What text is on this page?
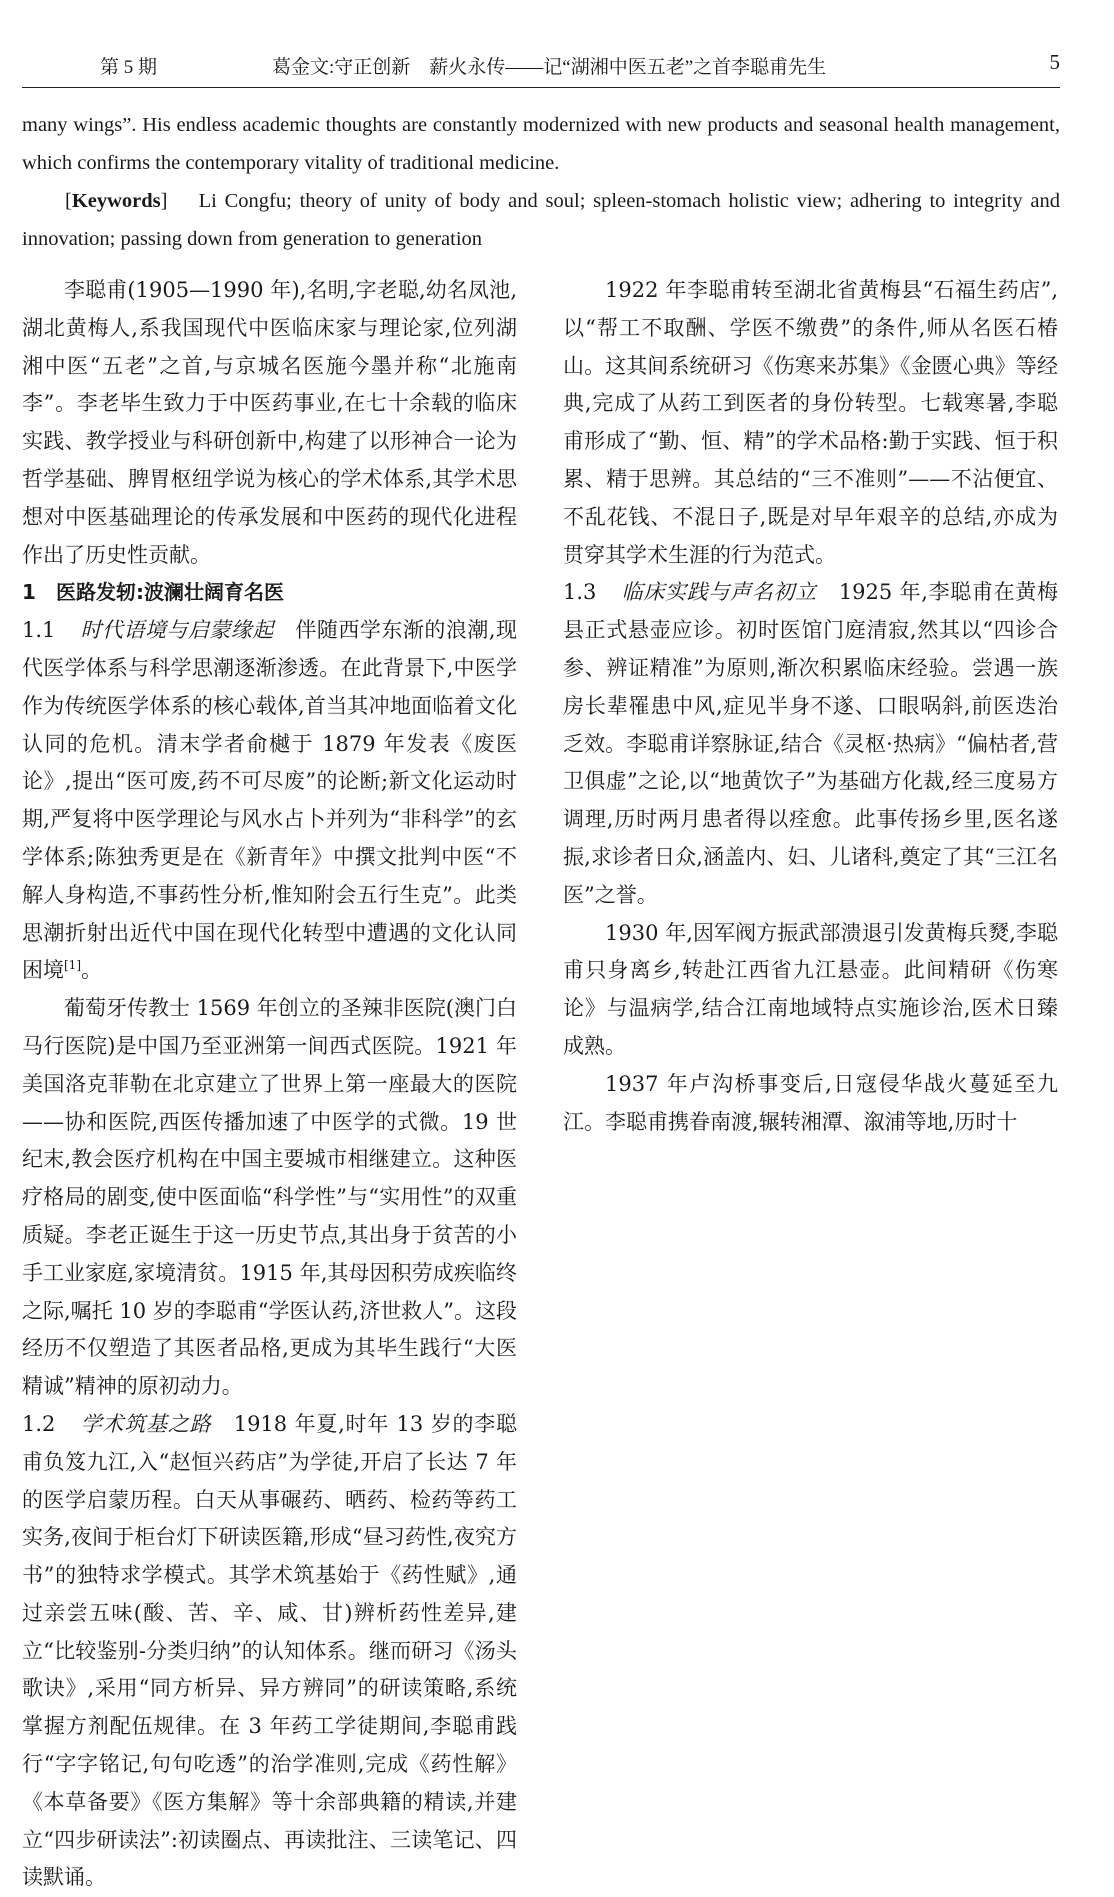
第 5 期	葛金文:守正创新　薪火永传——记“湖湘中医五老”之首李聪甫先生	5

many wings”. His endless academic thoughts are constantly modernized with new products and seasonal health management, which confirms the contemporary vitality of traditional medicine.

[Keywords]    Li Congfu; theory of unity of body and soul; spleen-stomach holistic view; adhering to integrity and innovation; passing down from generation to generation

李聪甫(1905—1990 年),名明,字老聪,幼名凤池,湖北黄梅人,系我国现代中医临床家与理论家,位列湖湘中医“五老”之首,与京城名医施今墨并称“北施南李”。李老毕生致力于中医药事业,在七十余载的临床实践、教学授业与科研创新中,构建了以形神合一论为哲学基础、脾胃枢纽学说为核心的学术体系,其学术思想对中医基础理论的传承发展和中医药的现代化进程作出了历史性贡献。

1 医路发轫:波澜壮阔育名医

1.1 时代语境与启蒙缘起 伴随西学东渐的浪潮,现代医学体系与科学思潮逐渐渗透。在此背景下,中医学作为传统医学体系的核心载体,首当其冲地面临着文化认同的危机。清末学者俞樾于 1879 年发表《废医论》,提出“医可废,药不可尽废”的论断;新文化运动时期,严复将中医学理论与风水占卜并列为“非科学”的玄学体系;陈独秀更是在《新青年》中撰文批判中医“不解人身构造,不事药性分析,惟知附会五行生克”。此类思潮折射出近代中国在现代化转型中遭遇的文化认同困境[1]。

葡萄牙传教士 1569 年创立的圣辣非医院(澳门白马行医院)是中国乃至亚洲第一间西式医院。1921 年美国洛克菲勒在北京建立了世界上第一座最大的医院——协和医院,西医传播加速了中医学的式微。19 世纪末,教会医疗机构在中国主要城市相继建立。这种医疗格局的剧变,使中医面临“科学性”与“实用性”的双重质疑。李老正诞生于这一历史节点,其出身于贫苦的小手工业家庭,家境清贫。1915 年,其母因积劳成疾临终之际,嘱托 10 岁的李聪甫“学医认药,济世救人”。这段经历不仅塑造了其医者品格,更成为其毕生践行“大医精诚”精神的原初动力。

1.2 学术筑基之路 1918 年夏,时年 13 岁的李聪甫负笈九江,入“赵恒兴药店”为学徒,开启了长达 7 年的医学启蒙历程。白天从事碾药、晒药、检药等药工实务,夜间于柜台灯下研读医籍,形成“昼习药性,夜究方书”的独特求学模式。其学术筑基始于《药性赋》,通过亲尝五味(酸、苦、辛、咸、甘)辨析药性差异,建立“比较鉴别-分类归纳”的认知体系。继而研习《汤头歌诀》,采用“同方析异、异方辨同”的研读策略,系统掌握方剂配伍规律。在 3 年药工学徒期间,李聪甫践行“字字铭记,句句吃透”的治学准则,完成《药性解》《本草备要》《医方集解》等十余部典籍的精读,并建立“四步研读法”:初读圈点、再读批注、三读笔记、四读默诵。

1922 年李聪甫转至湖北省黄梅县“石福生药店”,以“帮工不取酬、学医不缴费”的条件,师从名医石椿山。这其间系统研习《伤寒来苏集》《金匮心典》等经典,完成了从药工到医者的身份转型。七载寒暑,李聪甫形成了“勤、恒、精”的学术品格:勤于实践、恒于积累、精于思辨。其总结的“三不准则”——不沾便宜、不乱花钱、不混日子,既是对早年艰辛的总结,亦成为贯穿其学术生涯的行为范式。

1.3 临床实践与声名初立 1925 年,李聪甫在黄梅县正式悬壶应诊。初时医馆门庭清寂,然其以“四诊合参、辨证精准”为原则,渐次积累临床经验。尝遇一族房长辈罹患中风,症见半身不遂、口眼㖞斜,前医迭治乏效。李聪甫详察脉证,结合《灵枢·热病》“偏枯者,营卫俱虚”之论,以“地黄饮子”为基础方化裁,经三度易方调理,历时两月患者得以痊愈。此事传扬乡里,医名遂振,求诊者日众,涵盖内、妇、儿诸科,奠定了其“三江名医”之誉。

1930 年,因军阀方振武部溃退引发黄梅兵燹,李聪甫只身离乡,转赴江西省九江悬壶。此间精研《伤寒论》与温病学,结合江南地域特点实施诊治,医术日臻成熟。

1937 年卢沟桥事变后,日寇侵华战火蔓延至九江。李聪甫携眷南渡,辗转湘潭、溆浦等地,历时十
